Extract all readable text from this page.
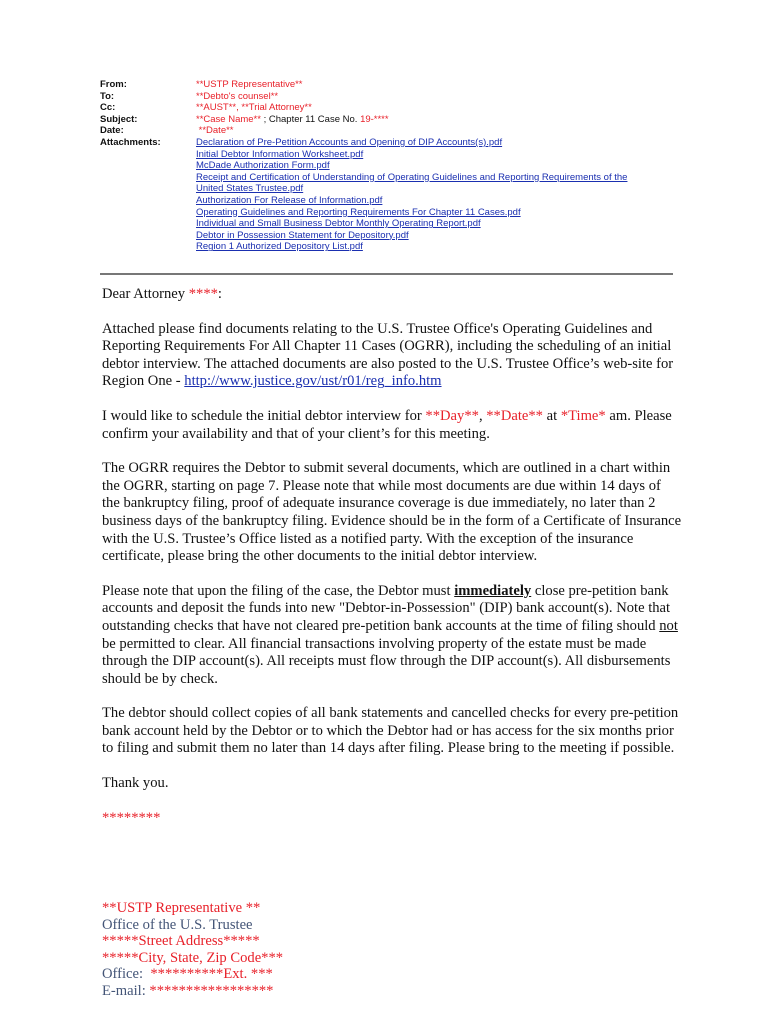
From:	**USTP Representative**
To:	**Debto's counsel**
Cc:	**AUST**, **Trial Attorney**
Subject:	**Case Name** ; Chapter 11 Case No. 19-****
Date:	**Date**
Attachments:	Declaration of Pre-Petition Accounts and Opening of DIP Accounts(s).pdf
Initial Debtor Information Worksheet.pdf
McDade Authorization Form.pdf
Receipt and Certification of Understanding of Operating Guidelines and Reporting Requirements of the United States Trustee.pdf
Authorization For Release of Information.pdf
Operating Guidelines and Reporting Requirements For Chapter 11 Cases.pdf
Individual and Small Business Debtor Monthly Operating Report.pdf
Debtor in Possession Statement for Depository.pdf
Region 1 Authorized Depository List.pdf

Dear Attorney ****:

Attached please find documents relating to the U.S. Trustee Office's Operating Guidelines and Reporting Requirements For All Chapter 11 Cases (OGRR), including the scheduling of an initial debtor interview. The attached documents are also posted to the U.S. Trustee Office’s web-site for Region One - http://www.justice.gov/ust/r01/reg_info.htm

I would like to schedule the initial debtor interview for **Day**, **Date** at *Time* am. Please confirm your availability and that of your client’s for this meeting.

The OGRR requires the Debtor to submit several documents, which are outlined in a chart within the OGRR, starting on page 7. Please note that while most documents are due within 14 days of the bankruptcy filing, proof of adequate insurance coverage is due immediately, no later than 2 business days of the bankruptcy filing. Evidence should be in the form of a Certificate of Insurance with the U.S. Trustee’s Office listed as a notified party. With the exception of the insurance certificate, please bring the other documents to the initial debtor interview.

Please note that upon the filing of the case, the Debtor must immediately close pre-petition bank accounts and deposit the funds into new "Debtor-in-Possession" (DIP) bank account(s). Note that outstanding checks that have not cleared pre-petition bank accounts at the time of filing should not be permitted to clear. All financial transactions involving property of the estate must be made through the DIP account(s). All receipts must flow through the DIP account(s). All disbursements should be by check.

The debtor should collect copies of all bank statements and cancelled checks for every pre-petition bank account held by the Debtor or to which the Debtor had or has access for the six months prior to filing and submit them no later than 14 days after filing. Please bring to the meeting if possible.

Thank you.

********

**USTP Representative **
Office of the U.S. Trustee
*****Street Address*****
*****City, State, Zip Code***
Office:  **********Ext. ***
E-mail: *****************
